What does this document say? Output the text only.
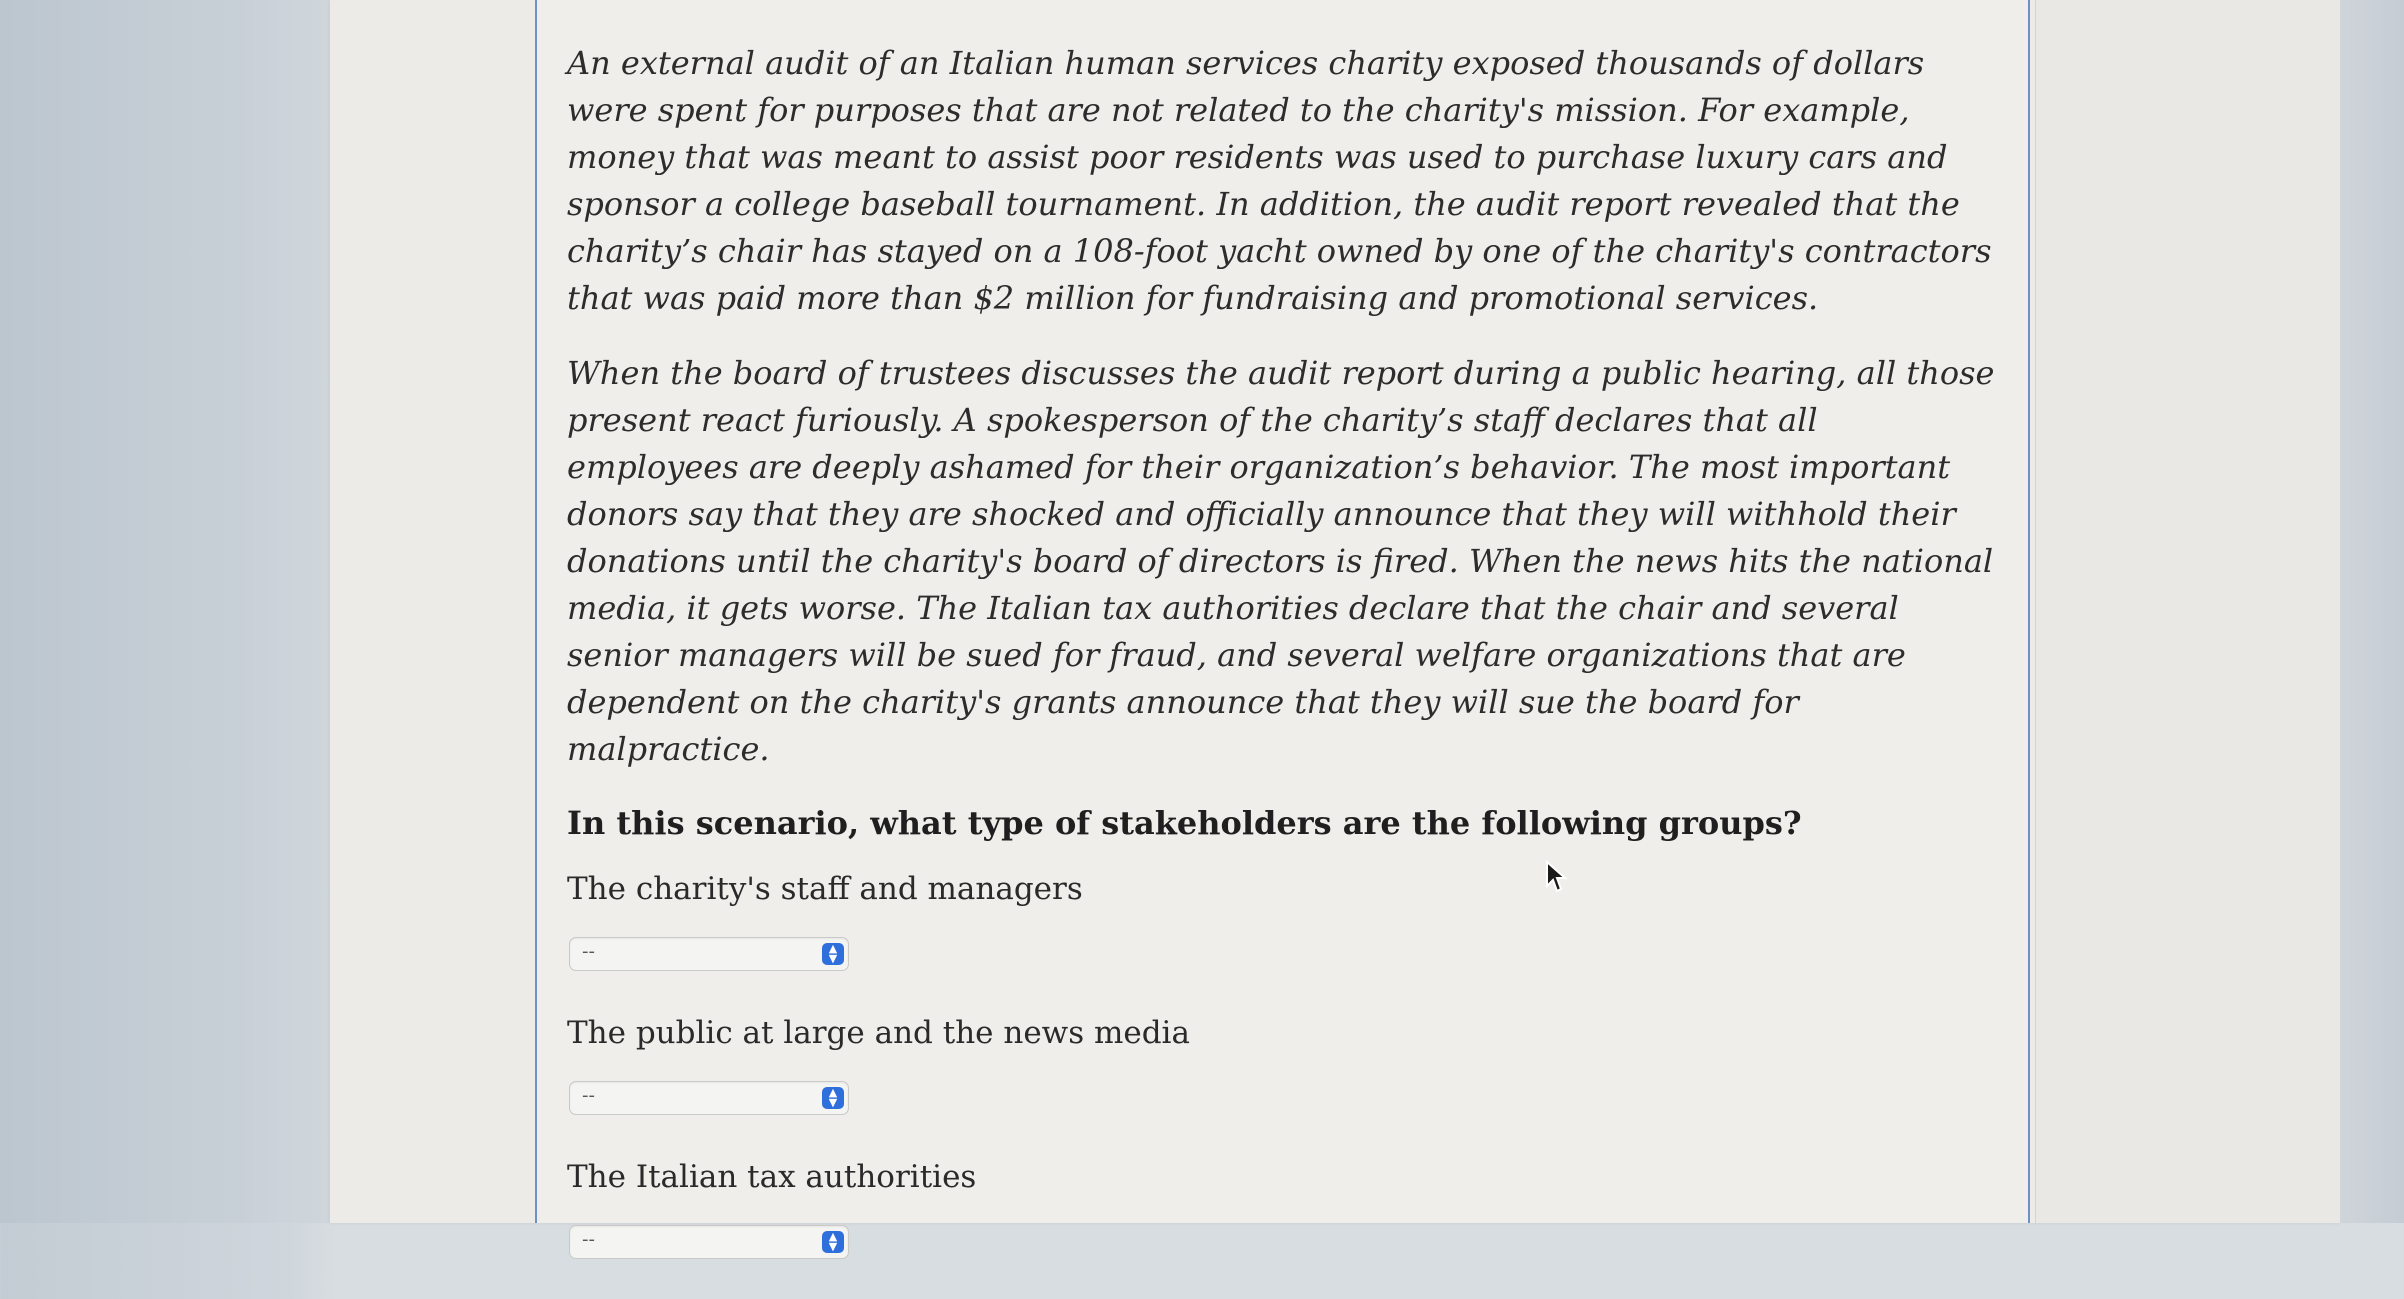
An external audit of an Italian human services charity exposed thousands of dollars were spent for purposes that are not related to the charity's mission. For example, money that was meant to assist poor residents was used to purchase luxury cars and sponsor a college baseball tournament. In addition, the audit report revealed that the charity’s chair has stayed on a 108-foot yacht owned by one of the charity's contractors that was paid more than $2 million for fundraising and promotional services.

When the board of trustees discusses the audit report during a public hearing, all those present react furiously. A spokesperson of the charity’s staff declares that all employees are deeply ashamed for their organization’s behavior. The most important donors say that they are shocked and officially announce that they will withhold their donations until the charity's board of directors is fired. When the news hits the national media, it gets worse. The Italian tax authorities declare that the chair and several senior managers will be sued for fraud, and several welfare organizations that are dependent on the charity's grants announce that they will sue the board for malpractice.

In this scenario, what type of stakeholders are the following groups?

The charity's staff and managers

--	▲
▼

The public at large and the news media

--	▲
▼

The Italian tax authorities

--	▲
▼
